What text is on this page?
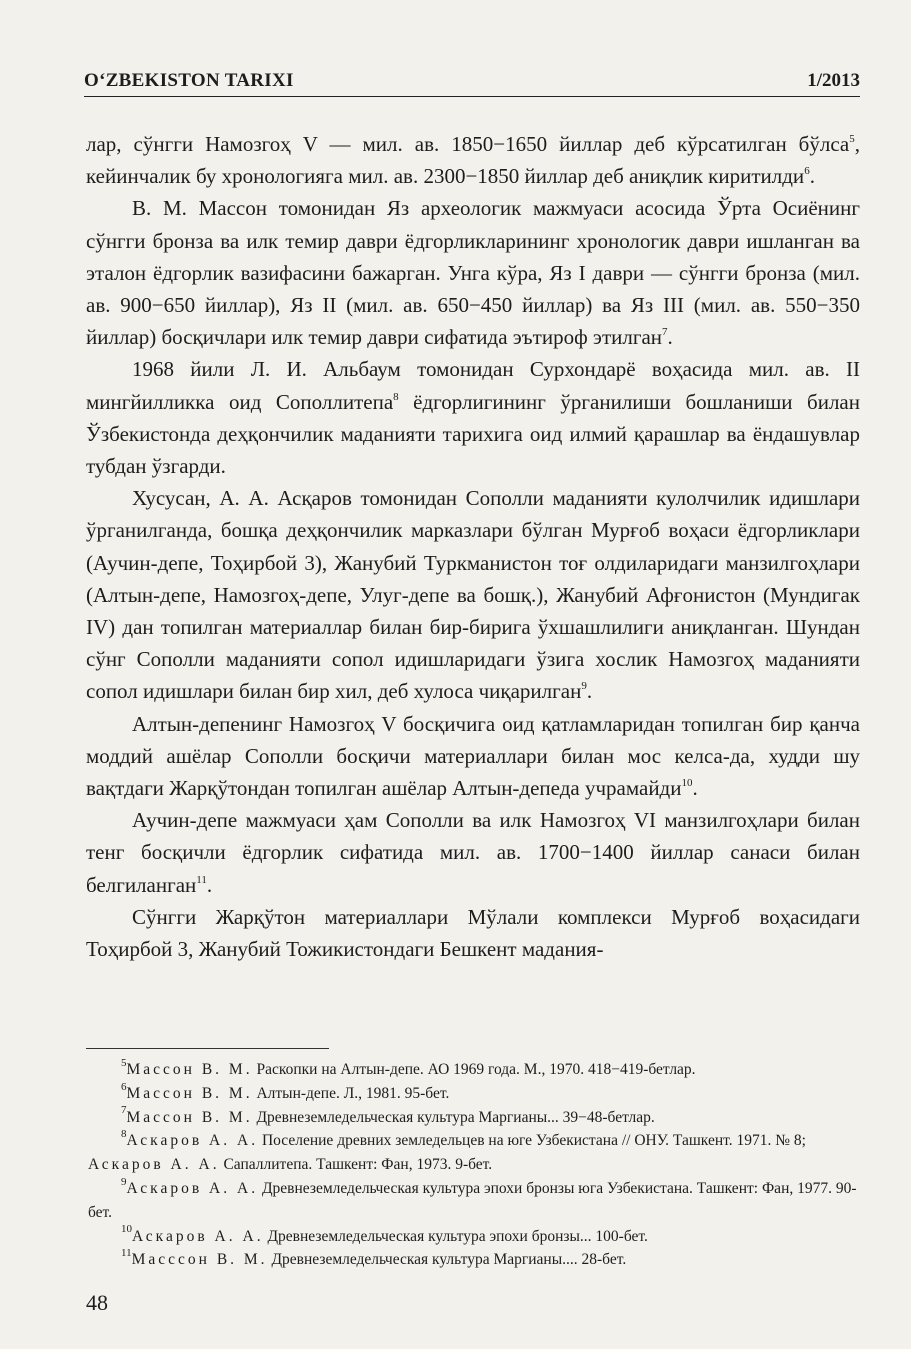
O‘ZBEKISTON TARIXI	1/2013

лар, сўнгги Намозгоҳ V — мил. ав. 1850−1650 йиллар деб кўрсатилган бўлса$^5$, кейинчалик бу хронологияга мил. ав. 2300−1850 йиллар деб аниқлик киритилди$^6$.

В. М. Массон томонидан Яз археологик мажмуаси асосида Ўрта Осиёнинг сўнгги бронза ва илк темир даври ёдгорликларининг хронологик даври ишланган ва эталон ёдгорлик вазифасини бажарган. Унга кўра, Яз I даври — сўнгги бронза (мил. ав. 900−650 йиллар), Яз II (мил. ав. 650−450 йиллар) ва Яз III (мил. ав. 550−350 йиллар) босқичлари илк темир даври сифатида эътироф этилган$^7$.

1968 йили Л. И. Альбаум томонидан Сурхондарё воҳасида мил. ав. II мингйилликка оид Сополлитепа$^8$ ёдгорлигининг ўрганилиши бошланиши билан Ўзбекистонда деҳқончилик маданияти тарихига оид илмий қарашлар ва ёндашувлар тубдан ўзгарди.

Хусусан, А. А. Асқаров томонидан Сополли маданияти кулолчилик идишлари ўрганилганда, бошқа деҳқончилик марказлари бўлган Мурғоб воҳаси ёдгорликлари (Аучин-депе, Тоҳирбой 3), Жанубий Туркманистон тоғ олдиларидаги манзилгоҳлари (Алтын-депе, Намозгоҳ-депе, Улуг-депе ва бошқ.), Жанубий Афғонистон (Мундигак IV) дан топилган материаллар билан бир-бирига ўхшашлилиги аниқланган. Шундан сўнг Сополли маданияти сопол идишларидаги ўзига хослик Намозгоҳ маданияти сопол идишлари билан бир хил, деб хулоса чиқарилган$^9$.

Алтын-депенинг Намозгоҳ V босқичига оид қатламларидан топилган бир қанча моддий ашёлар Сополли босқичи материаллари билан мос келса-да, худди шу вақтдаги Жарқўтондан топилган ашёлар Алтын-депеда учрамайди$^{10}$.

Аучин-депе мажмуаси ҳам Сополли ва илк Намозгоҳ VI манзилгоҳлари билан тенг босқичли ёдгорлик сифатида мил. ав. 1700−1400 йиллар санаси билан белгиланган$^{11}$.

Сўнгги Жарқўтон материаллари Мўлали комплекси Мурғоб воҳасидаги Тоҳирбой 3, Жанубий Тожикистондаги Бешкент мадания-

$^5$Массон В. М. Раскопки на Алтын-депе. АО 1969 года. М., 1970. 418−419-бетлар.

$^6$Массон В. М. Алтын-депе. Л., 1981. 95-бет.

$^7$Массон В. М. Древнеземледельческая культура Маргианы... 39−48-бетлар.

$^8$Аскаров А. А. Поселение древних земледельцев на юге Узбекистана // ОНУ. Ташкент. 1971. № 8; Аскаров А. А. Сапаллитепа. Ташкент: Фан, 1973. 9-бет.

$^9$Аскаров А. А. Древнеземледельческая культура эпохи бронзы юга Узбекистана. Ташкент: Фан, 1977. 90-бет.

$^{10}$Аскаров А. А. Древнеземледельческая культура эпохи бронзы... 100-бет.

$^{11}$Масссон В. М. Древнеземледельческая культура Маргианы.... 28-бет.

48
